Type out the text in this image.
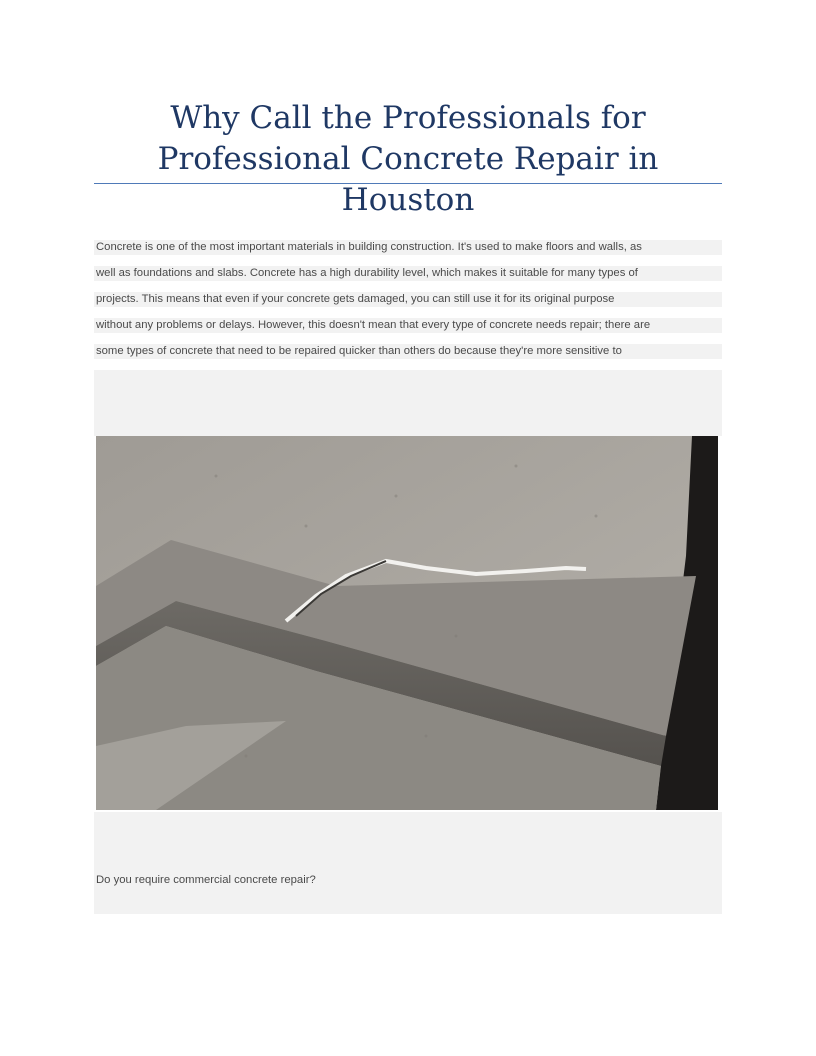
Why Call the Professionals for
Professional Concrete Repair in Houston
Concrete is one of the most important materials in building construction. It's used to make floors and walls, as
well as foundations and slabs. Concrete has a high durability level, which makes it suitable for many types of
projects. This means that even if your concrete gets damaged, you can still use it for its original purpose
without any problems or delays. However, this doesn't mean that every type of concrete needs repair; there are
some types of concrete that need to be repaired quicker than others do because they're more sensitive to
Do you require commercial concrete repair?
